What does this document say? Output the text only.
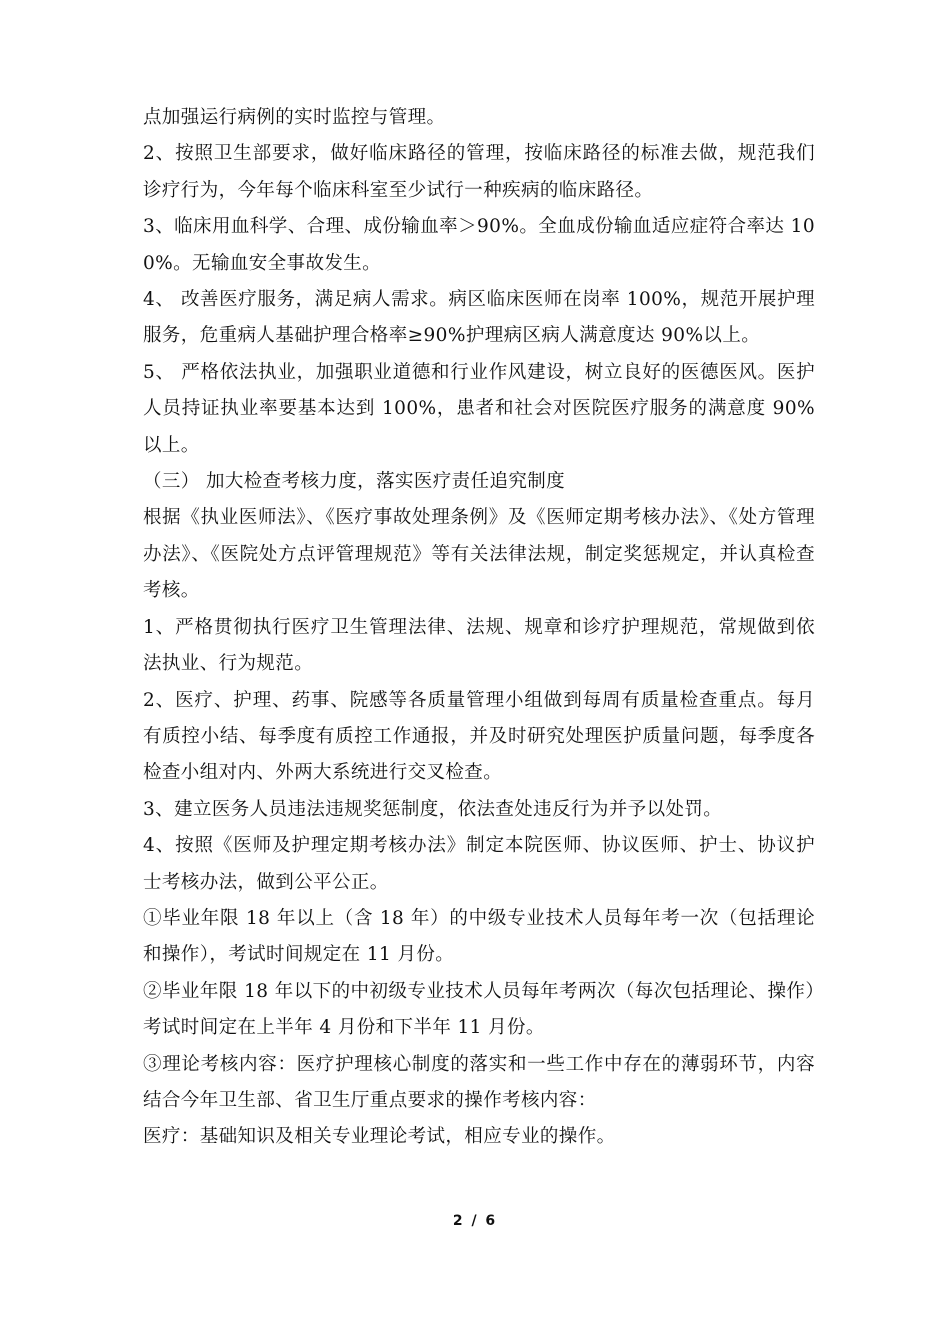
点加强运行病例的实时监控与管理。

2、按照卫生部要求，做好临床路径的管理，按临床路径的标准去做，规范我们诊疗行为，今年每个临床科室至少试行一种疾病的临床路径。

3、临床用血科学、合理、成份输血率＞90%。全血成份输血适应症符合率达 100%。无输血安全事故发生。

4、 改善医疗服务，满足病人需求。病区临床医师在岗率 100%，规范开展护理服务，危重病人基础护理合格率≥90%护理病区病人满意度达 90%以上。

5、 严格依法执业，加强职业道德和行业作风建设，树立良好的医德医风。医护人员持证执业率要基本达到 100%，患者和社会对医院医疗服务的满意度 90%以上。

（三） 加大检查考核力度，落实医疗责任追究制度

根据《执业医师法》、《医疗事故处理条例》及《医师定期考核办法》、《处方管理办法》、《医院处方点评管理规范》等有关法律法规，制定奖惩规定，并认真检查考核。

1、严格贯彻执行医疗卫生管理法律、法规、规章和诊疗护理规范，常规做到依法执业、行为规范。

2、医疗、护理、药事、院感等各质量管理小组做到每周有质量检查重点。每月有质控小结、每季度有质控工作通报，并及时研究处理医护质量问题，每季度各检查小组对内、外两大系统进行交叉检查。

3、建立医务人员违法违规奖惩制度，依法查处违反行为并予以处罚。

4、按照《医师及护理定期考核办法》制定本院医师、协议医师、护士、协议护士考核办法，做到公平公正。

①毕业年限 18 年以上（含 18 年）的中级专业技术人员每年考一次（包括理论和操作），考试时间规定在 11 月份。

②毕业年限 18 年以下的中初级专业技术人员每年考两次（每次包括理论、操作）考试时间定在上半年 4 月份和下半年 11 月份。

③理论考核内容：医疗护理核心制度的落实和一些工作中存在的薄弱环节，内容结合今年卫生部、省卫生厅重点要求的操作考核内容：

医疗：基础知识及相关专业理论考试，相应专业的操作。

2 / 6
